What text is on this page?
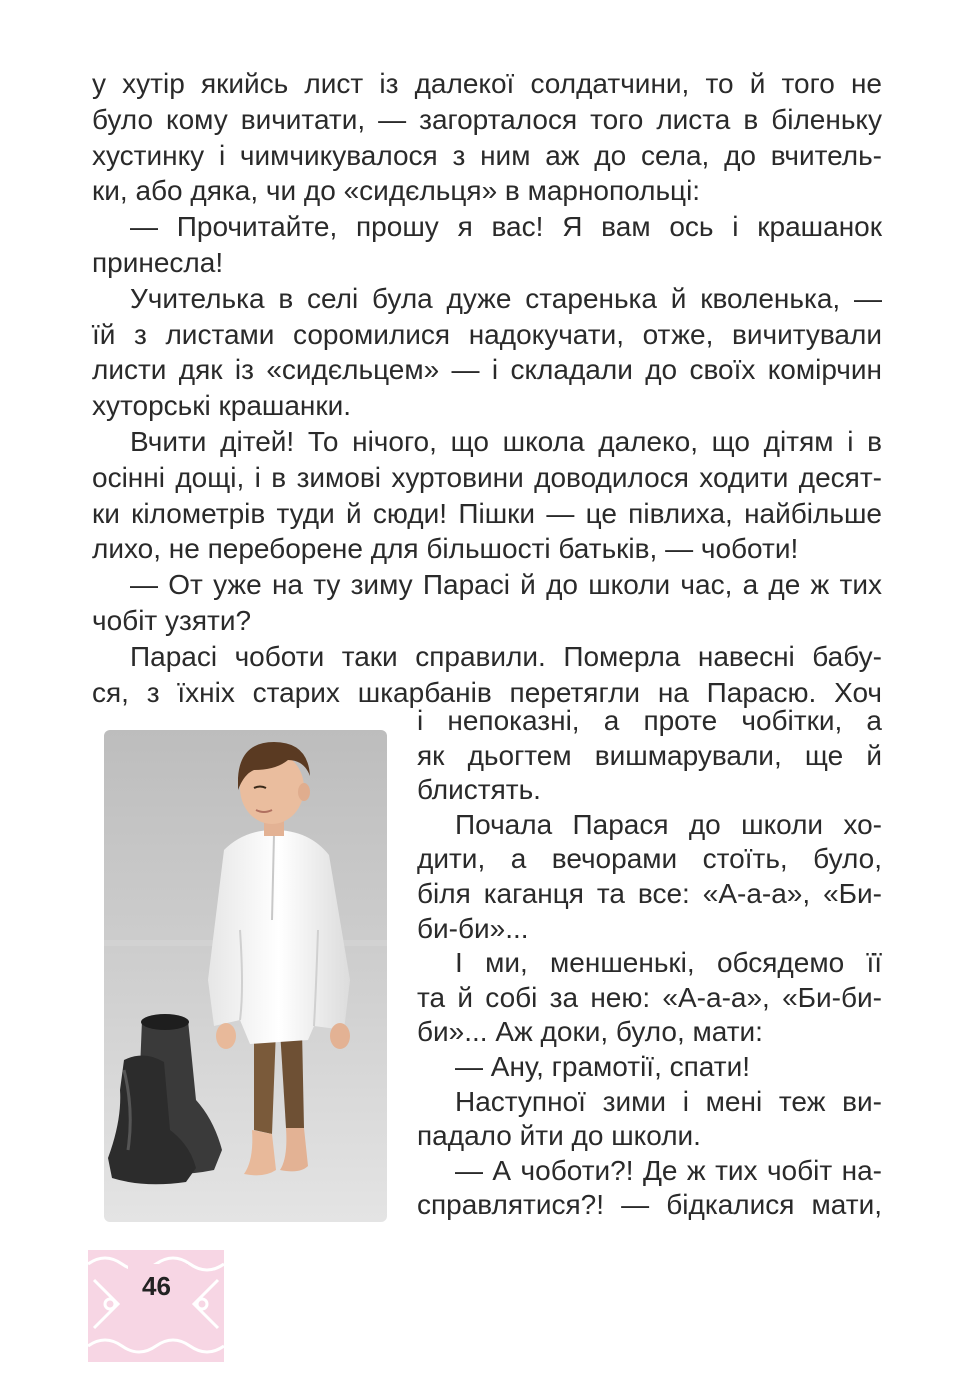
у хутір якийсь лист із далекої солдатчини, то й того не
було кому вичитати, — загорталося того листа в біленьку
хустинку і чимчикувалося з ним аж до села, до вчитель-
ки, або дяка, чи до «сидєльця» в марнопольці:

— Прочитайте, прошу я вас! Я вам ось і крашанок
принесла!

Учителька в селі була дуже старенька й кволенька, —
їй з листами соромилися надокучати, отже, вичитували
листи дяк із «сидєльцем» — і складали до своїх комірчин
хуторські крашанки.

Вчити дітей! То нічого, що школа далеко, що дітям і в
осінні дощі, і в зимові хуртовини доводилося ходити десят-
ки кілометрів туди й сюди! Пішки — це півлиха, найбільше
лихо, не переборене для більшості батьків, — чоботи!

— От уже на ту зиму Парасі й до школи час, а де ж тих
чобіт узяти?

Парасі чоботи таки справили. Померла навесні бабу-
ся, з їхніх старих шкарбанів перетягли на Парасю. Хоч

і непоказні, а проте чобітки, а
як дьогтем вишмарували, ще й
блистять.

Почала Парася до школи хо-
дити, а вечорами стоїть, було,
біля каганця та все: «А-а-а», «Би-
би-би»...

І ми, меншенькі, обсядемо її
та й собі за нею: «А-а-а», «Би-би-
би»... Аж доки, було, мати:

— Ану, грамотії, спати!

Наступної зими і мені теж ви-
падало йти до школи.

— А чоботи?! Де ж тих чобіт на-
справлятися?! — бідкалися мати,

46
